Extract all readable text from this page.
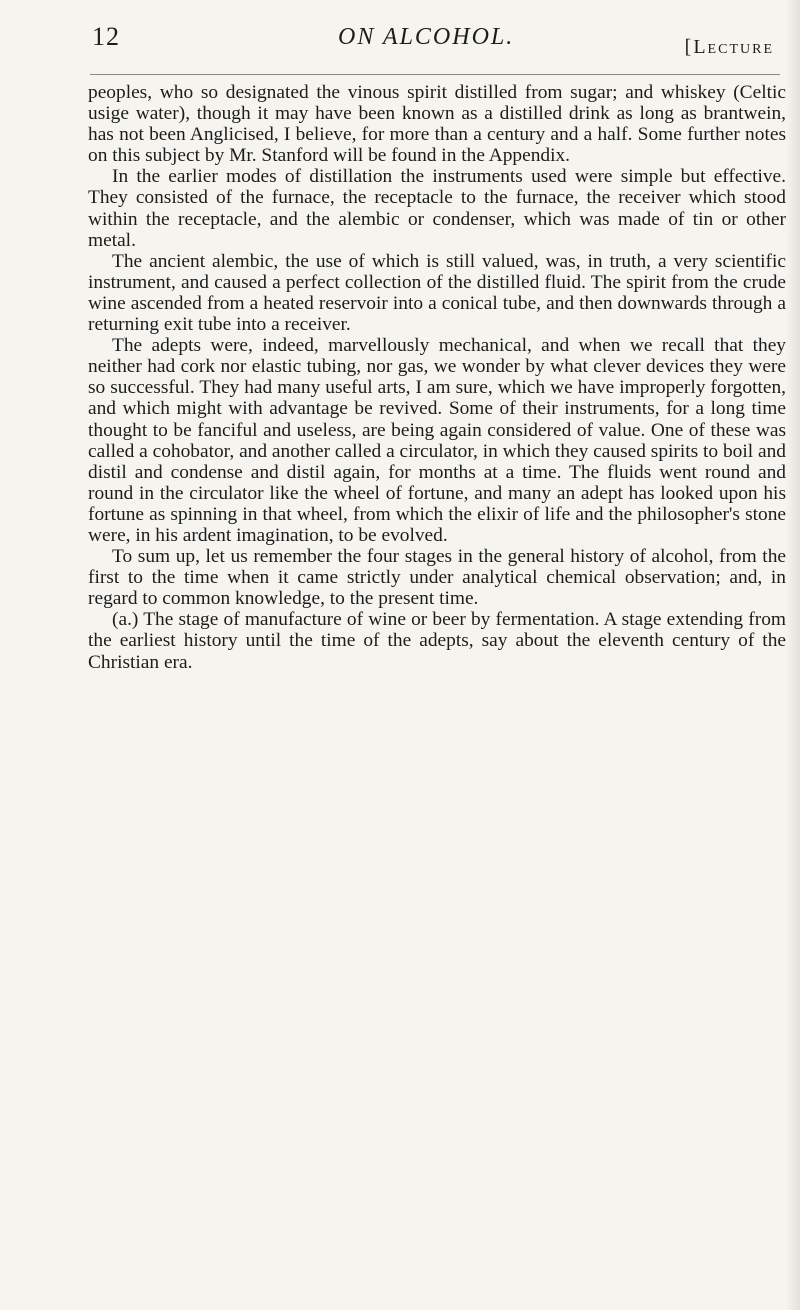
12	ON ALCOHOL.	[Lecture

peoples, who so designated the vinous spirit distilled from sugar; and whiskey (Celtic usige water), though it may have been known as a distilled drink as long as brantwein, has not been Anglicised, I believe, for more than a century and a half. Some further notes on this subject by Mr. Stanford will be found in the Appendix.

In the earlier modes of distillation the instruments used were simple but effective. They consisted of the furnace, the receptacle to the furnace, the receiver which stood within the receptacle, and the alembic or condenser, which was made of tin or other metal.

The ancient alembic, the use of which is still valued, was, in truth, a very scientific instrument, and caused a perfect collection of the distilled fluid. The spirit from the crude wine ascended from a heated reservoir into a conical tube, and then downwards through a returning exit tube into a receiver.

The adepts were, indeed, marvellously mechanical, and when we recall that they neither had cork nor elastic tubing, nor gas, we wonder by what clever devices they were so successful. They had many useful arts, I am sure, which we have improperly forgotten, and which might with advantage be revived. Some of their instruments, for a long time thought to be fanciful and useless, are being again considered of value. One of these was called a cohobator, and another called a circulator, in which they caused spirits to boil and distil and condense and distil again, for months at a time. The fluids went round and round in the circulator like the wheel of fortune, and many an adept has looked upon his fortune as spinning in that wheel, from which the elixir of life and the philosopher's stone were, in his ardent imagination, to be evolved.

To sum up, let us remember the four stages in the general history of alcohol, from the first to the time when it came strictly under analytical chemical observation; and, in regard to common knowledge, to the present time.

(a.) The stage of manufacture of wine or beer by fermentation. A stage extending from the earliest history until the time of the adepts, say about the eleventh century of the Christian era.
